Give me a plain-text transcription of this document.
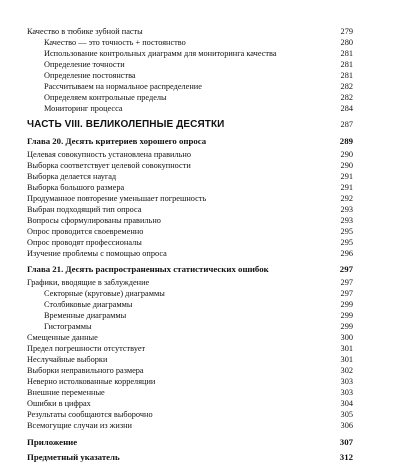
Качество в тюбике зубной пасты	279
Качество — это точность + постоянство	280
Использование контрольных диаграмм для мониторинга качества	281
Определение точности	281
Определение постоянства	281
Рассчитываем на нормальное распределение	282
Определяем контрольные пределы	282
Мониторинг процесса	284
ЧАСТЬ VIII. ВЕЛИКОЛЕПНЫЕ ДЕСЯТКИ	287
Глава 20. Десять критериев хорошего опроса	289
Целевая совокупность установлена правильно	290
Выборка соответствует целевой совокупности	290
Выборка делается наугад	291
Выборка большого размера	291
Продуманное повторение уменьшает погрешность	292
Выбран подходящий тип опроса	293
Вопросы сформулированы правильно	293
Опрос проводится своевременно	295
Опрос проводят профессионалы	295
Изучение проблемы с помощью опроса	296
Глава 21. Десять распространенных статистических ошибок	297
Графики, вводящие в заблуждение	297
Секторные (круговые) диаграммы	297
Столбиковые диаграммы	299
Временные диаграммы	299
Гистограммы	299
Смещенные данные	300
Предел погрешности отсутствует	301
Неслучайные выборки	301
Выборки неправильного размера	302
Неверно истолкованные корреляции	303
Внешние переменные	303
Ошибки в цифрах	304
Результаты сообщаются выборочно	305
Всемогущие случаи из жизни	306
Приложение	307
Предметный указатель	312
